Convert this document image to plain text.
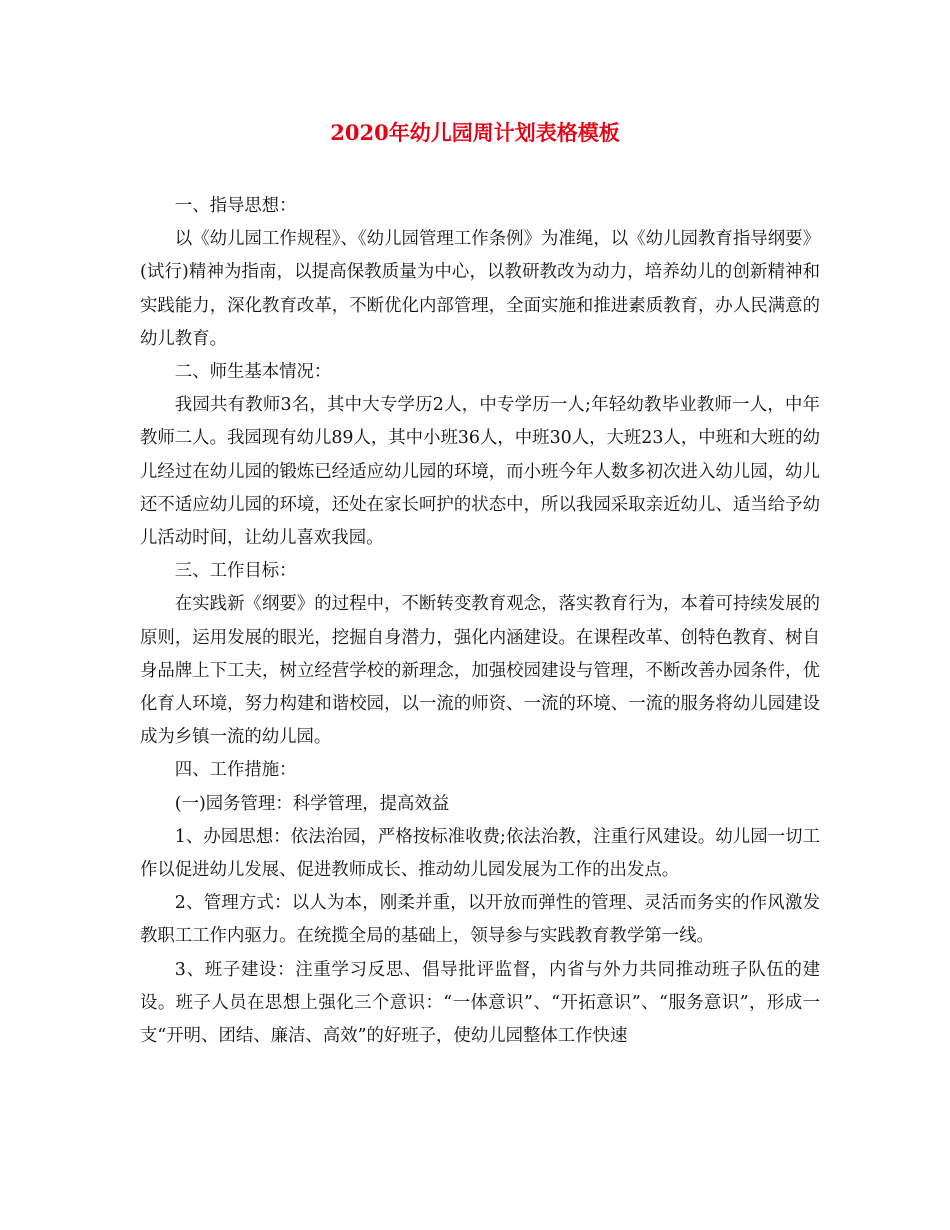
2020年幼儿园周计划表格模板

一、指导思想：

以《幼儿园工作规程》、《幼儿园管理工作条例》为准绳，以《幼儿园教育指导纲要》(试行)精神为指南，以提高保教质量为中心，以教研教改为动力，培养幼儿的创新精神和实践能力，深化教育改革，不断优化内部管理，全面实施和推进素质教育，办人民满意的幼儿教育。

二、师生基本情况：

我园共有教师3名，其中大专学历2人，中专学历一人;年轻幼教毕业教师一人，中年教师二人。我园现有幼儿89人，其中小班36人，中班30人，大班23人，中班和大班的幼儿经过在幼儿园的锻炼已经适应幼儿园的环境，而小班今年人数多初次进入幼儿园，幼儿还不适应幼儿园的环境，还处在家长呵护的状态中，所以我园采取亲近幼儿、适当给予幼儿活动时间，让幼儿喜欢我园。

三、工作目标：

在实践新《纲要》的过程中，不断转变教育观念，落实教育行为，本着可持续发展的原则，运用发展的眼光，挖掘自身潜力，强化内涵建设。在课程改革、创特色教育、树自身品牌上下工夫，树立经营学校的新理念，加强校园建设与管理，不断改善办园条件，优化育人环境，努力构建和谐校园，以一流的师资、一流的环境、一流的服务将幼儿园建设成为乡镇一流的幼儿园。

四、工作措施：

(一)园务管理：科学管理，提高效益

1、办园思想：依法治园，严格按标准收费;依法治教，注重行风建设。幼儿园一切工作以促进幼儿发展、促进教师成长、推动幼儿园发展为工作的出发点。

2、管理方式：以人为本，刚柔并重，以开放而弹性的管理、灵活而务实的作风激发教职工工作内驱力。在统揽全局的基础上，领导参与实践教育教学第一线。

3、班子建设：注重学习反思、倡导批评监督，内省与外力共同推动班子队伍的建设。班子人员在思想上强化三个意识：“一体意识”、“开拓意识”、“服务意识”，形成一支“开明、团结、廉洁、高效”的好班子，使幼儿园整体工作快速
